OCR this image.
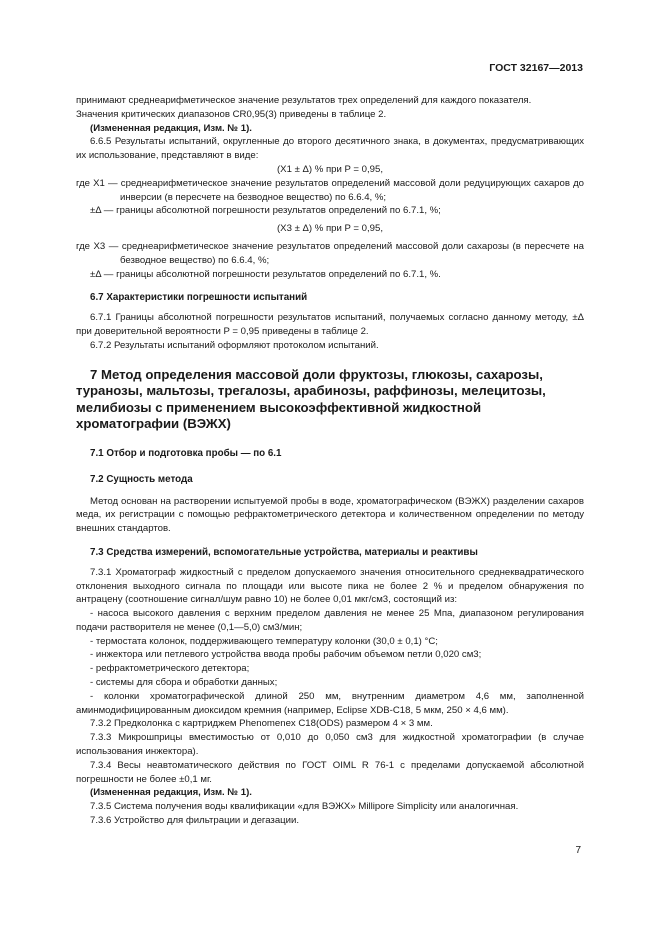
ГОСТ 32167—2013

принимают среднеарифметическое значение результатов трех определений для каждого показателя.

Значения критических диапазонов CR0,95(3) приведены в таблице 2.

(Измененная редакция, Изм. № 1).

6.6.5 Результаты испытаний, округленные до второго десятичного знака, в документах, предусматривающих их использование, представляют в виде:

(X1 ± Δ) % при P = 0,95,

где X1 — среднеарифметическое значение результатов определений массовой доли редуцирующих сахаров до инверсии (в пересчете на безводное вещество) по 6.6.4, %;

±Δ — границы абсолютной погрешности результатов определений по 6.7.1, %;

(X3 ± Δ) % при P = 0,95,

где X3 — среднеарифметическое значение результатов определений массовой доли сахарозы (в пересчете на безводное вещество) по 6.6.4, %;

±Δ — границы абсолютной погрешности результатов определений по 6.7.1, %.

6.7 Характеристики погрешности испытаний

6.7.1 Границы абсолютной погрешности результатов испытаний, получаемых согласно данному методу, ±Δ при доверительной вероятности P = 0,95 приведены в таблице 2.

6.7.2 Результаты испытаний оформляют протоколом испытаний.

7 Метод определения массовой доли фруктозы, глюкозы, сахарозы, туранозы, мальтозы, трегалозы, арабинозы, раффинозы, мелецитозы, мелибиозы с применением высокоэффективной жидкостной хроматографии (ВЭЖХ)

7.1 Отбор и подготовка пробы — по 6.1

7.2 Сущность метода

Метод основан на растворении испытуемой пробы в воде, хроматографическом (ВЭЖХ) разделении сахаров меда, их регистрации с помощью рефрактометрического детектора и количественном определении по методу внешних стандартов.

7.3 Средства измерений, вспомогательные устройства, материалы и реактивы

7.3.1 Хроматограф жидкостный с пределом допускаемого значения относительного среднеквадратического отклонения выходного сигнала по площади или высоте пика не более 2 % и пределом обнаружения по антрацену (соотношение сигнал/шум равно 10) не более 0,01 мкг/см3, состоящий из:

- насоса высокого давления с верхним пределом давления не менее 25 Мпа, диапазоном регулирования подачи растворителя не менее (0,1—5,0) см3/мин;

- термостата колонок, поддерживающего температуру колонки (30,0 ± 0,1) °C;

- инжектора или петлевого устройства ввода пробы рабочим объемом петли 0,020 см3;

- рефрактометрического детектора;

- системы для сбора и обработки данных;

- колонки хроматографической длиной 250 мм, внутренним диаметром 4,6 мм, заполненной аминмодифицированным диоксидом кремния (например, Eclipse XDB-C18, 5 мкм, 250 × 4,6 мм).

7.3.2 Предколонка с картриджем Phenomenex C18(ODS) размером 4 × 3 мм.

7.3.3 Микрошприцы вместимостью от 0,010 до 0,050 см3 для жидкостной хроматографии (в случае использования инжектора).

7.3.4 Весы неавтоматического действия по ГОСТ OIML R 76-1 с пределами допускаемой абсолютной погрешности не более ±0,1 мг.

(Измененная редакция, Изм. № 1).

7.3.5 Система получения воды квалификации «для ВЭЖХ» Millipore Simplicity или аналогичная.

7.3.6 Устройство для фильтрации и дегазации.

7
